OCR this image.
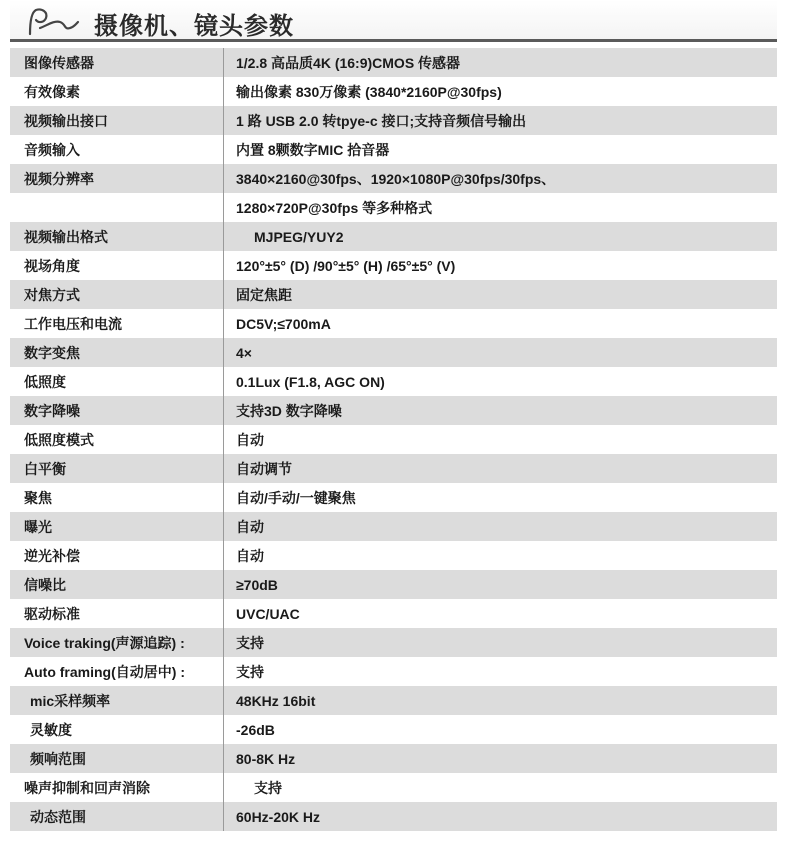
摄像机、镜头参数
图像传感器	1/2.8 高品质4K (16:9)CMOS 传感器
有效像素	输出像素 830万像素 (3840*2160P@30fps)
视频输出接口	1 路 USB 2.0 转tpye-c 接口;支持音频信号输出
音频输入	内置 8颗数字MIC 拾音器
视频分辨率	3840×2160@30fps、1920×1080P@30fps/30fps、
1280×720P@30fps 等多种格式
视频输出格式	MJPEG/YUY2
视场角度	120°±5° (D) /90°±5° (H) /65°±5° (V)
对焦方式	固定焦距
工作电压和电流	DC5V;≤700mA
数字变焦	4×
低照度	0.1Lux (F1.8, AGC ON)
数字降噪	支持3D 数字降噪
低照度模式	自动
白平衡	自动调节
聚焦	自动/手动/一键聚焦
曝光	自动
逆光补偿	自动
信噪比	≥70dB
驱动标准	UVC/UAC
Voice traking(声源追踪) :	支持
Auto framing(自动居中) :	支持
mic采样频率	48KHz 16bit
灵敏度	-26dB
频响范围	80-8K Hz
噪声抑制和回声消除	支持
动态范围	60Hz-20K Hz
